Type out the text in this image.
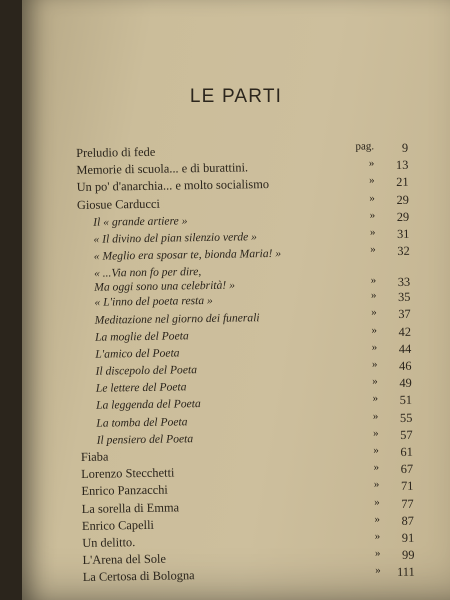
LE PARTI
Preludio di fede	pag.	9
Memorie di scuola... e di burattini.	»	13
Un po' d'anarchia... e molto socialismo	»	21
Giosue Carducci	»	29
Il « grande artiere »	»	29
« Il divino del pian silenzio verde »	»	31
« Meglio era sposar te, bionda Maria! »	»	32
« ...Via non fo per dire,
Ma oggi sono una celebrità! »	»	33
« L'inno del poeta resta »	»	35
Meditazione nel giorno dei funerali	»	37
La moglie del Poeta	»	42
L'amico del Poeta	»	44
Il discepolo del Poeta	»	46
Le lettere del Poeta	»	49
La leggenda del Poeta	»	51
La tomba del Poeta	»	55
Il pensiero del Poeta	»	57
Fiaba	»	61
Lorenzo Stecchetti	»	67
Enrico Panzacchi	»	71
La sorella di Emma	»	77
Enrico Capelli	»	87
Un delitto.	»	91
L'Arena del Sole	»	99
La Certosa di Bologna	»	111
